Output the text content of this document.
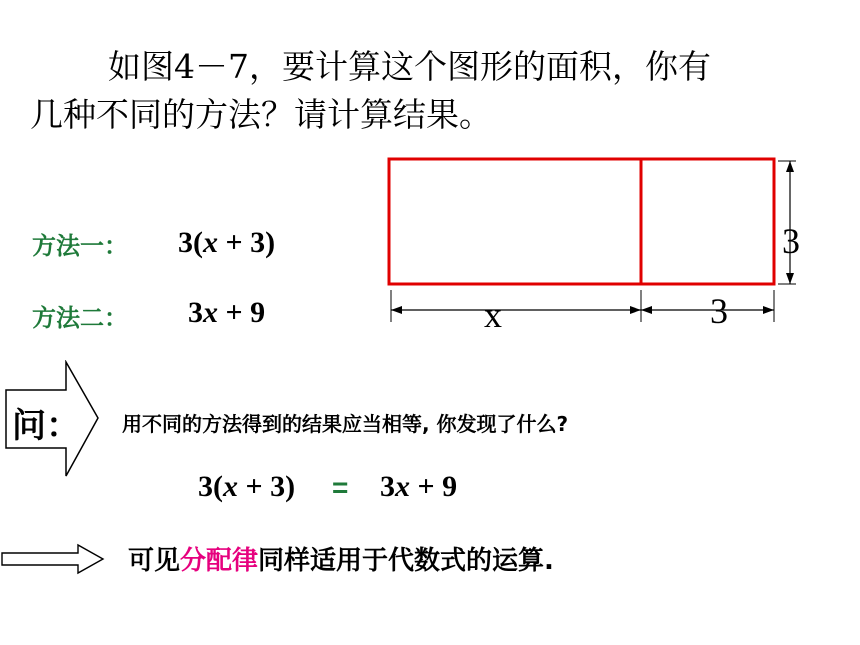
如图4－7，要计算这个图形的面积，你有
几种不同的方法？请计算结果。
3
x	3
方法一： 3(x + 3)
方法二： 3x + 9
问： 用不同的方法得到的结果应当相等, 你发现了什么?
3(x + 3) = 3x + 9
可见分配律同样适用于代数式的运算.
